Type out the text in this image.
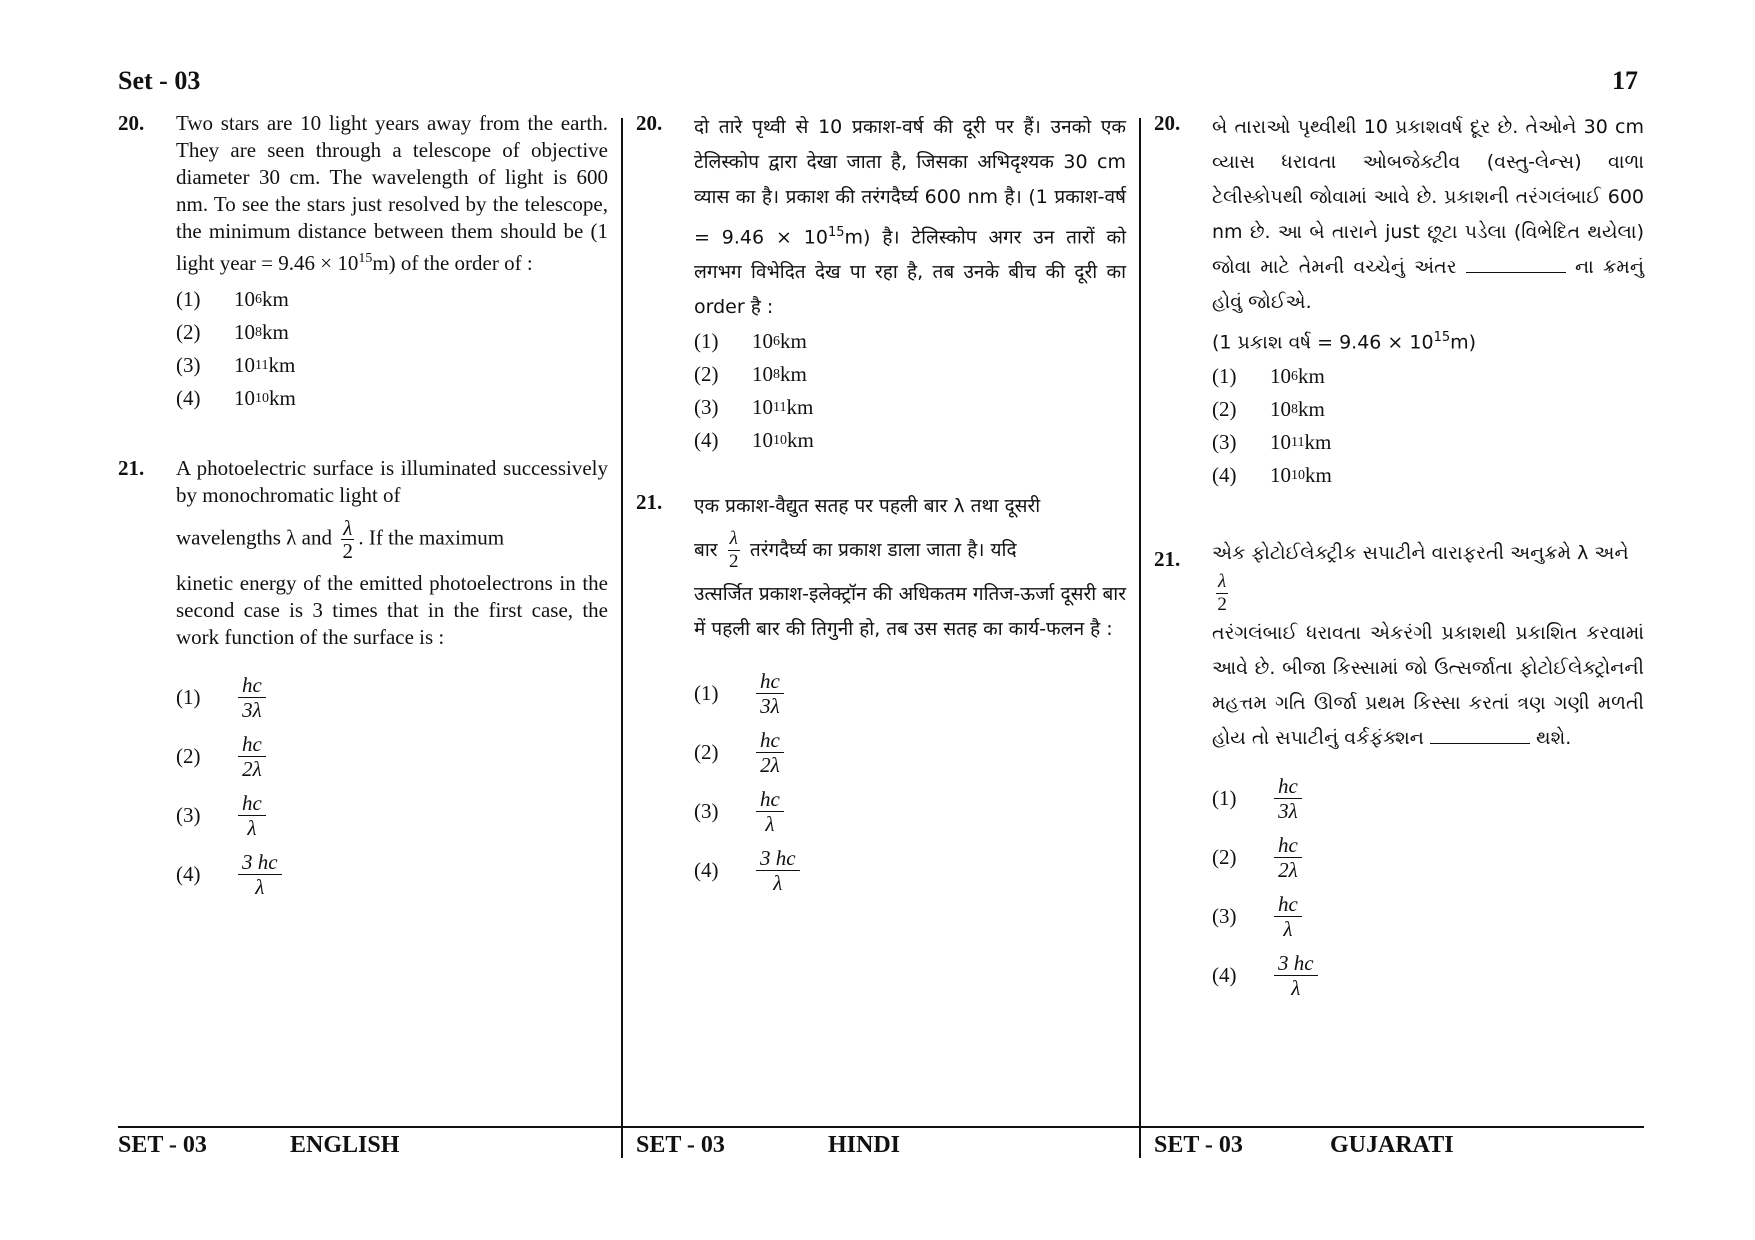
Set - 03	17
20. Two stars are 10 light years away from the earth. They are seen through a telescope of objective diameter 30 cm. The wavelength of light is 600 nm. To see the stars just resolved by the telescope, the minimum distance between them should be (1 light year = $9.46 \times 10^{15}m$) of the order of :
(1)	10 6 km
(2)	10 8 km
(3)	10 11 km
(4)	10 10 km
21. A photoelectric surface is illuminated successively by monochromatic light of
wavelengths λ and $\frac{\lambda}{2}$ . If the maximum
kinetic energy of the emitted photoelectrons in the second case is 3 times that in the first case, the work function of the surface is :
(1)	$\frac{hc}{3\lambda}$
(2)	$\frac{hc}{2\lambda}$
(3)	$\frac{hc}{\lambda}$
(4)	$\frac{3 hc}{\lambda}$
20. दो तारे पृथ्वी से 10 प्रकाश-वर्ष की दूरी पर हैं। उनको एक टेलिस्कोप द्वारा देखा जाता है, जिसका अभिदृश्यक 30 cm व्यास का है। प्रकाश की तरंगदैर्घ्य 600 nm है। (1 प्रकाश-वर्ष = $9.46 \times 10^{15}m$) है। टेलिस्कोप अगर उन तारों को लगभग विभेदित देख पा रहा है, तब उनके बीच की दूरी का order है :
(1)	10 6 km
(2)	10 8 km
(3)	10 11 km
(4)	10 10 km
21. एक प्रकाश-वैद्युत सतह पर पहली बार λ तथा दूसरी
बार $\frac{\lambda}{2}$ तरंगदैर्घ्य का प्रकाश डाला जाता है। यदि
उत्सर्जित प्रकाश-इलेक्ट्रॉन की अधिकतम गतिज-ऊर्जा दूसरी बार में पहली बार की तिगुनी हो, तब उस सतह का कार्य-फलन है :
(1)	$\frac{hc}{3\lambda}$
(2)	$\frac{hc}{2\lambda}$
(3)	$\frac{hc}{\lambda}$
(4)	$\frac{3 hc}{\lambda}$
20. બે તારાઓ પૃથ્વીથી 10 પ્રકાશવર્ષ દૂર છે. તેઓને 30 cm વ્યાસ ધરાવતા ઓબજેક્ટીવ (વસ્તુ-લેન્સ) વાળા ટેલીસ્કોપથી જોવામાં આવે છે. પ્રકાશની તરંગલંબાઈ 600 nm છે. આ બે તારાને just છૂટા પડેલા (વિભેદિત થયેલા) જોવા માટે તેમની વચ્ચેનું અંતર	ના ક્રમનું હોવું જોઈએ.
(1 પ્રકાશ વર્ષ = $9.46 \times 10^{15}m$)
(1)	10 6 km
(2)	10 8 km
(3)	10 11 km
(4)	10 10 km
21. એક ફોટોઈલેક્ટ્રીક સપાટીને વારાફરતી અનુક્રમે λ અને
$\frac{\lambda}{2}$
તરંગલંબાઈ ધરાવતા એકરંગી પ્રકાશથી પ્રકાશિત કરવામાં આવે છે. બીજા કિસ્સામાં જો ઉત્સર્જાતા ફોટોઈલેક્ટ્રોનની મહત્તમ ગતિ ઊર્જા પ્રથમ કિસ્સા કરતાં ત્રણ ગણી મળતી હોય તો સપાટીનું વર્કફંક્શન	થશે.
(1)	$\frac{hc}{3\lambda}$
(2)	$\frac{hc}{2\lambda}$
(3)	$\frac{hc}{\lambda}$
(4)	$\frac{3 hc}{\lambda}$
SET - 03	ENGLISH	SET - 03	HINDI	SET - 03	GUJARATI
